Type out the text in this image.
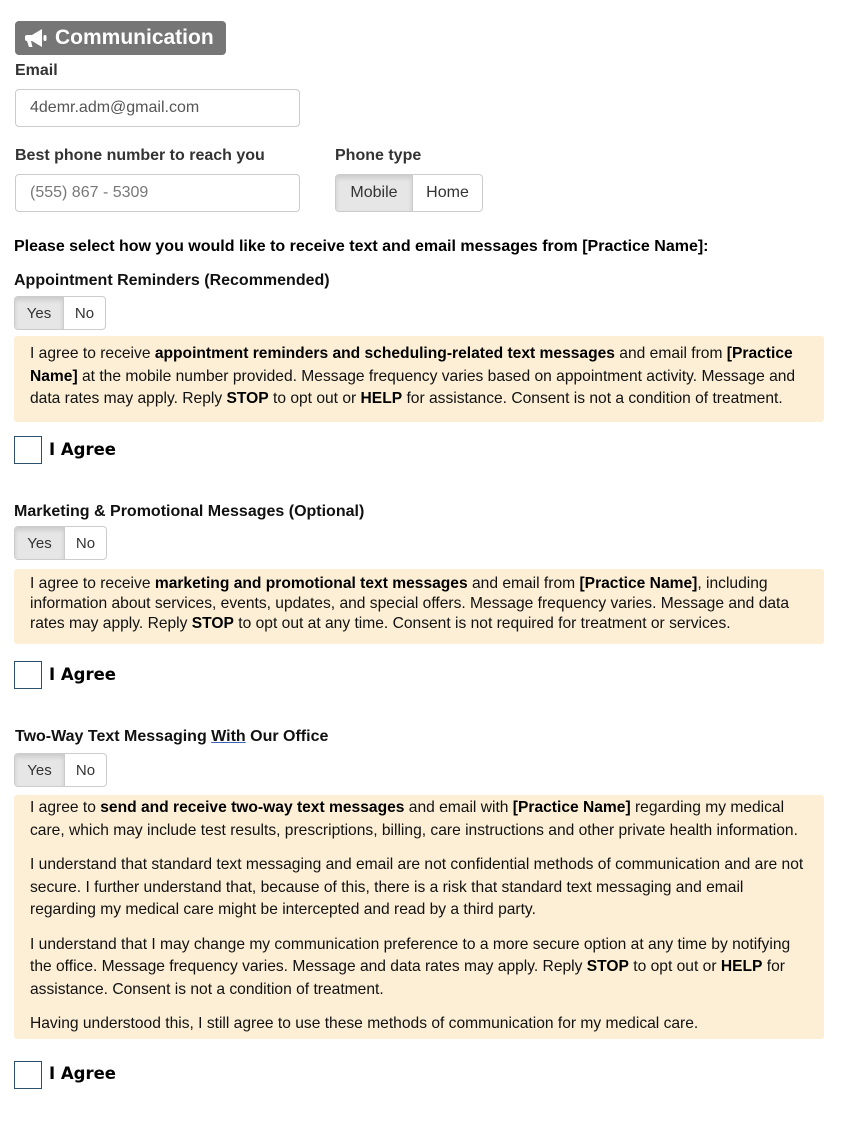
Communication
Email
4demr.adm@gmail.com
Best phone number to reach you
(555) 867 - 5309
Phone type
Mobile	Home
Please select how you would like to receive text and email messages from [Practice Name]:
Appointment Reminders (Recommended)
Yes	No

I agree to receive appointment reminders and scheduling-related text messages and email from [Practice Name] at the mobile number provided. Message frequency varies based on appointment activity. Message and data rates may apply. Reply STOP to opt out or HELP for assistance. Consent is not a condition of treatment.

I Agree
Marketing & Promotional Messages (Optional)
Yes	No

I agree to receive marketing and promotional text messages and email from [Practice Name], including information about services, events, updates, and special offers. Message frequency varies. Message and data rates may apply. Reply STOP to opt out at any time. Consent is not required for treatment or services.

I Agree
Two-Way Text Messaging With Our Office
Yes	No

I agree to send and receive two-way text messages and email with [Practice Name] regarding my medical care, which may include test results, prescriptions, billing, care instructions and other private health information.

I understand that standard text messaging and email are not confidential methods of communication and are not secure. I further understand that, because of this, there is a risk that standard text messaging and email regarding my medical care might be intercepted and read by a third party.

I understand that I may change my communication preference to a more secure option at any time by notifying the office. Message frequency varies. Message and data rates may apply. Reply STOP to opt out or HELP for assistance. Consent is not a condition of treatment.

Having understood this, I still agree to use these methods of communication for my medical care.

I Agree
